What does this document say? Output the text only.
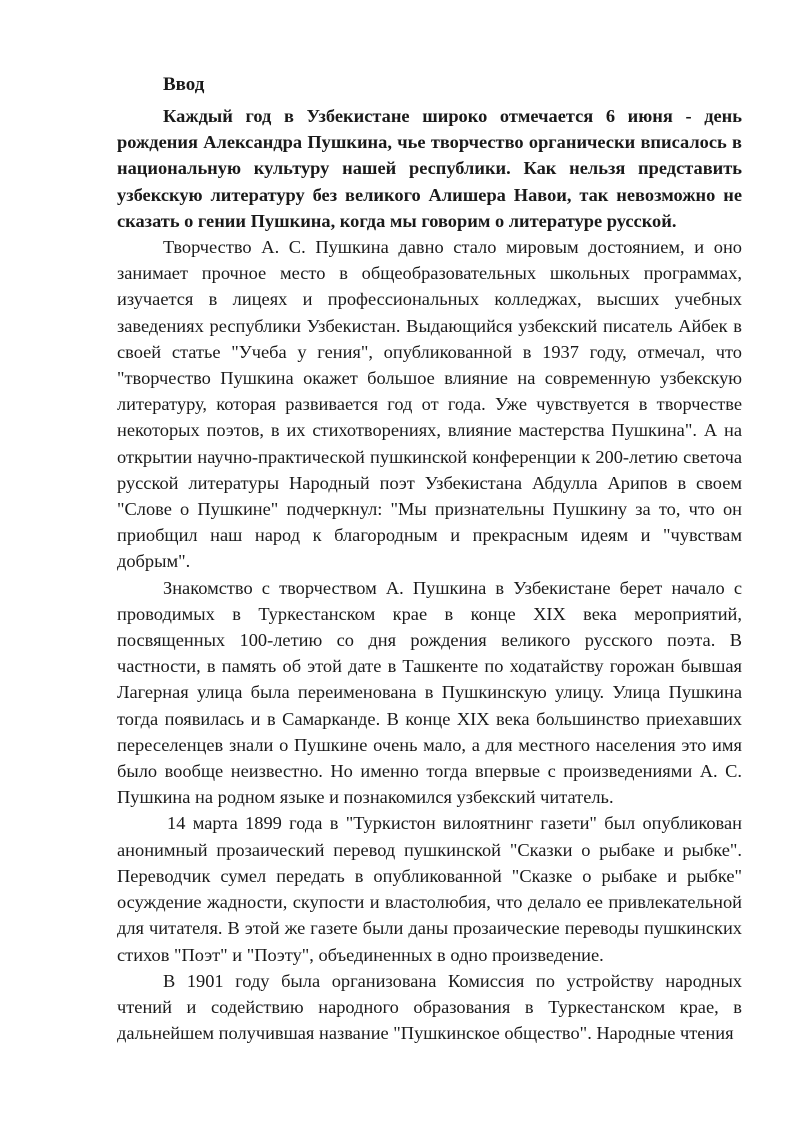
Ввод

Каждый год в Узбекистане широко отмечается 6 июня - день рождения Александра Пушкина, чье творчество органически вписалось в национальную культуру нашей республики. Как нельзя представить узбекскую литературу без великого Алишера Навои, так невозможно не сказать о гении Пушкина, когда мы говорим о литературе русской.

Творчество А. С. Пушкина давно стало мировым достоянием, и оно занимает прочное место в общеобразовательных школьных программах, изучается в лицеях и профессиональных колледжах, высших учебных заведениях республики Узбекистан. Выдающийся узбекский писатель Айбек в своей статье "Учеба у гения", опубликованной в 1937 году, отмечал, что "творчество Пушкина окажет большое влияние на современную узбекскую литературу, которая развивается год от года. Уже чувствуется в творчестве некоторых поэтов, в их стихотворениях, влияние мастерства Пушкина". А на открытии научно-практической пушкинской конференции к 200-летию светоча русской литературы Народный поэт Узбекистана Абдулла Арипов в своем "Слове о Пушкине" подчеркнул: "Мы признательны Пушкину за то, что он приобщил наш народ к благородным и прекрасным идеям и "чувствам добрым".

Знакомство с творчеством А. Пушкина в Узбекистане берет начало с проводимых в Туркестанском крае в конце XIX века мероприятий, посвященных 100-летию со дня рождения великого русского поэта. В частности, в память об этой дате в Ташкенте по ходатайству горожан бывшая Лагерная улица была переименована в Пушкинскую улицу. Улица Пушкина тогда появилась и в Самарканде. В конце XIX века большинство приехавших переселенцев знали о Пушкине очень мало, а для местного населения это имя было вообще неизвестно. Но именно тогда впервые с произведениями А. С. Пушкина на родном языке и познакомился узбекский читатель.

14 марта 1899 года в "Туркистон вилоятнинг газети" был опубликован анонимный прозаический перевод пушкинской "Сказки о рыбаке и рыбке". Переводчик сумел передать в опубликованной "Сказке о рыбаке и рыбке" осуждение жадности, скупости и властолюбия, что делало ее привлекательной для читателя. В этой же газете были даны прозаические переводы пушкинских стихов "Поэт" и "Поэту", объединенных в одно произведение.

В 1901 году была организована Комиссия по устройству народных чтений и содействию народного образования в Туркестанском крае, в дальнейшем получившая название "Пушкинское общество". Народные чтения
